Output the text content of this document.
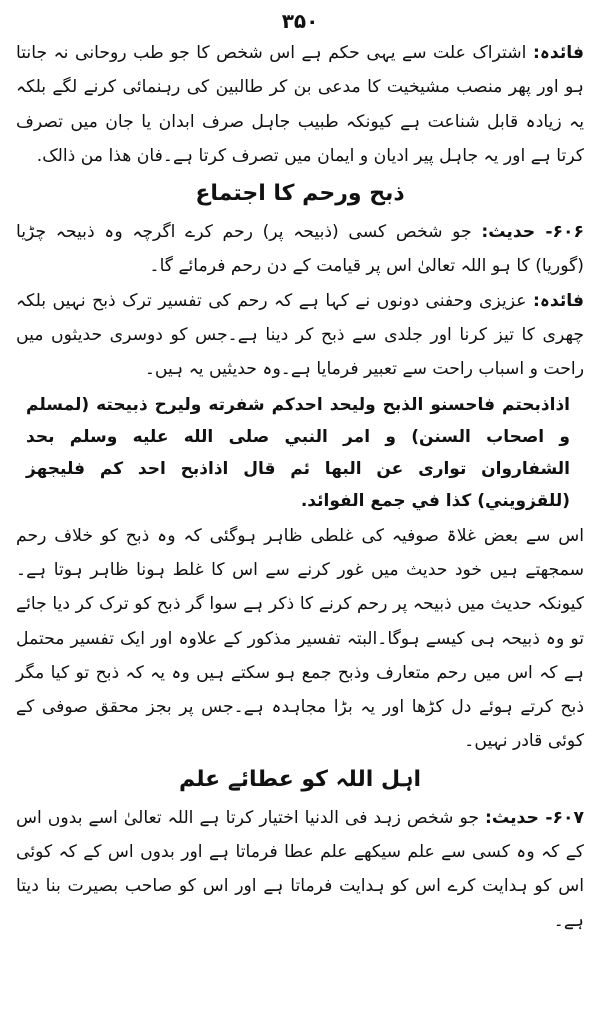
۳۵۰

فائدہ: اشتراک علت سے یہی حکم ہے اس شخص کا جو طب روحانی نہ جانتا ہو اور پھر منصب مشیخیت کا مدعی بن کر طالبین کی رہنمائی کرنے لگے بلکہ یہ زیادہ قابل شناعت ہے کیونکہ طبیب جاہل صرف ابدان یا جان میں تصرف کرتا ہے اور یہ جاہل پیر ادیان و ایمان میں تصرف کرتا ہے۔فان ھذا من ذالک.

ذبح ورحم کا اجتماع

۶۰۶- حدیث: جو شخص کسی (ذبیحہ پر) رحم کرے اگرچہ وہ ذبیحہ چڑیا (گوریا) کا ہو اللہ تعالیٰ اس پر قیامت کے دن رحم فرمائے گا۔

فائدہ: عزیزی وحفنی دونوں نے کہا ہے کہ رحم کی تفسیر ترک ذبح نہیں بلکہ چھری کا تیز کرنا اور جلدی سے ذبح کر دینا ہے۔جس کو دوسری حدیثوں میں راحت و اسباب راحت سے تعبیر فرمایا ہے۔وہ حدیثیں یہ ہیں۔

اذاذبحتم فاحسنو الذبح وليحد احدكم شفرته وليرح ذبيحته (لمسلم و اصحاب السنن) و امر النبي صلى الله عليه وسلم بحد الشفاروان توارى عن البها ئم قال اذاذبح احد كم فليجهز (للقزويني) كذا في جمع الفوائد.

اس سے بعض غلاۃ صوفیہ کی غلطی ظاہر ہوگئی کہ وہ ذبح کو خلاف رحم سمجھتے ہیں خود حدیث میں غور کرنے سے اس کا غلط ہونا ظاہر ہوتا ہے۔کیونکہ حدیث میں ذبیحہ پر رحم کرنے کا ذکر ہے سوا گر ذبح کو ترک کر دیا جائے تو وہ ذبیحہ ہی کیسے ہوگا۔البتہ تفسیر مذکور کے علاوہ اور ایک تفسیر محتمل ہے کہ اس میں رحم متعارف وذبح جمع ہو سکتے ہیں وہ یہ کہ ذبح تو کیا مگر ذبح کرتے ہوئے دل کڑھا اور یہ بڑا مجاہدہ ہے۔جس پر بجز محقق صوفی کے کوئی قادر نہیں۔

اہل اللہ کو عطائے علم

۶۰۷- حدیث: جو شخص زہد فی الدنیا اختیار کرتا ہے اللہ تعالیٰ اسے بدوں اس کے کہ وہ کسی سے علم سیکھے علم عطا فرماتا ہے اور بدوں اس کے کہ کوئی اس کو ہدایت کرے اس کو ہدایت فرماتا ہے اور اس کو صاحب بصیرت بنا دیتا ہے۔
